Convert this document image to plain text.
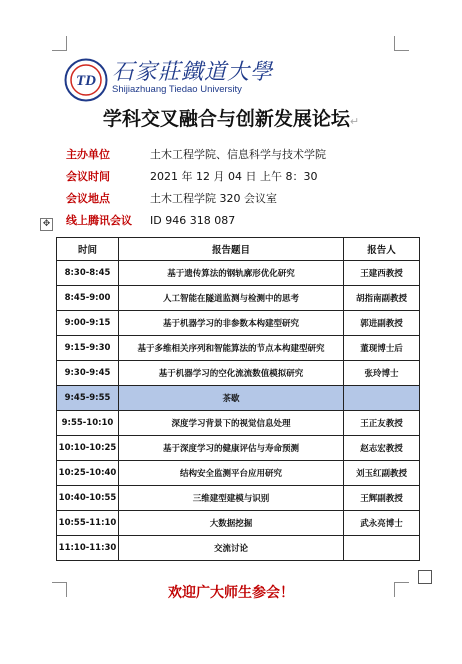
TD 石家莊鐵道大學
Shijiazhuang Tiedao University
学科交叉融合与创新发展论坛↵
主办单位	土木工程学院、信息科学与技术学院
会议时间	2021 年 12 月 04 日 上午 8：30
会议地点	土木工程学院 320 会议室
线上腾讯会议 ID 946 318 087
✥
时间	报告题目	报告人
8:30-8:45	基于遗传算法的钢轨廓形优化研究	王建西教授
8:45-9:00	人工智能在隧道监测与检测中的思考	胡指南副教授
9:00-9:15	基于机器学习的非参数本构建型研究	郭进副教授
9:15-9:30	基于多维相关序列和智能算法的节点本构建型研究	董现博士后
9:30-9:45	基于机器学习的空化流流数值模拟研究	张玲博士
9:45-9:55	茶歇	
9:55-10:10	深度学习背景下的视觉信息处理	王正友教授
10:10-10:25	基于深度学习的健康评估与寿命预测	赵志宏教授
10:25-10:40	结构安全监测平台应用研究	刘玉红副教授
10:40-10:55	三维建型建模与识别	王辉副教授
10:55-11:10	大数据挖掘	武永亮博士
11:10-11:30	交流讨论	
欢迎广大师生参会！
